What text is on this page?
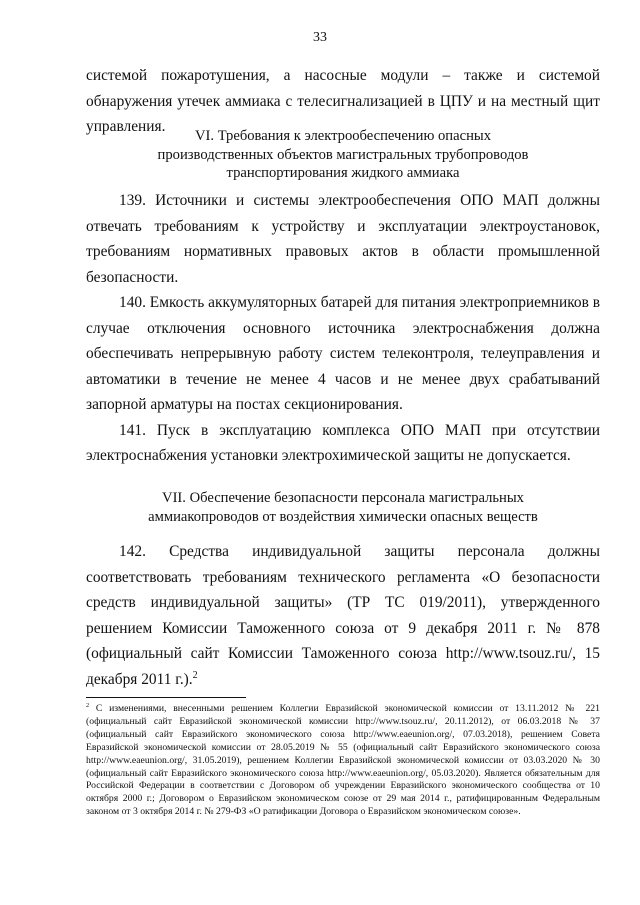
33

системой пожаротушения, а насосные модули – также и системой обнаружения утечек аммиака с телесигнализацией в ЦПУ и на местный щит управления.

VI. Требования к электрообеспечению опасных

производственных объектов магистральных трубопроводов

транспортирования жидкого аммиака

139. Источники и системы электрообеспечения ОПО МАП должны отвечать требованиям к устройству и эксплуатации электроустановок, требованиям нормативных правовых актов в области промышленной безопасности.

140. Емкость аккумуляторных батарей для питания электроприемников в случае отключения основного источника электроснабжения должна обеспечивать непрерывную работу систем телеконтроля, телеуправления и автоматики в течение не менее 4 часов и не менее двух срабатываний запорной арматуры на постах секционирования.

141. Пуск в эксплуатацию комплекса ОПО МАП при отсутствии электроснабжения установки электрохимической защиты не допускается.

VII. Обеспечение безопасности персонала магистральных

аммиакопроводов от воздействия химически опасных веществ

142. Средства индивидуальной защиты персонала должны соответствовать требованиям технического регламента «О безопасности средств индивидуальной защиты» (ТР ТС 019/2011), утвержденного решением Комиссии Таможенного союза от 9 декабря 2011 г. № 878 (официальный сайт Комиссии Таможенного союза http://www.tsouz.ru/, 15 декабря 2011 г.).$^2$

$^2$ С изменениями, внесенными решением Коллегии Евразийской экономической комиссии от 13.11.2012 № 221 (официальный сайт Евразийской экономической комиссии http://www.tsouz.ru/, 20.11.2012), от 06.03.2018 № 37 (официальный сайт Евразийского экономического союза http://www.eaeunion.org/, 07.03.2018), решением Совета Евразийской экономической комиссии от 28.05.2019 № 55 (официальный сайт Евразийского экономического союза http://www.eaeunion.org/, 31.05.2019), решением Коллегии Евразийской экономической комиссии от 03.03.2020 № 30 (официальный сайт Евразийского экономического союза http://www.eaeunion.org/, 05.03.2020). Является обязательным для Российской Федерации в соответствии с Договором об учреждении Евразийского экономического сообщества от 10 октября 2000 г.; Договором о Евразийском экономическом союзе от 29 мая 2014 г., ратифицированным Федеральным законом от 3 октября 2014 г. № 279-ФЗ «О ратификации Договора о Евразийском экономическом союзе».
